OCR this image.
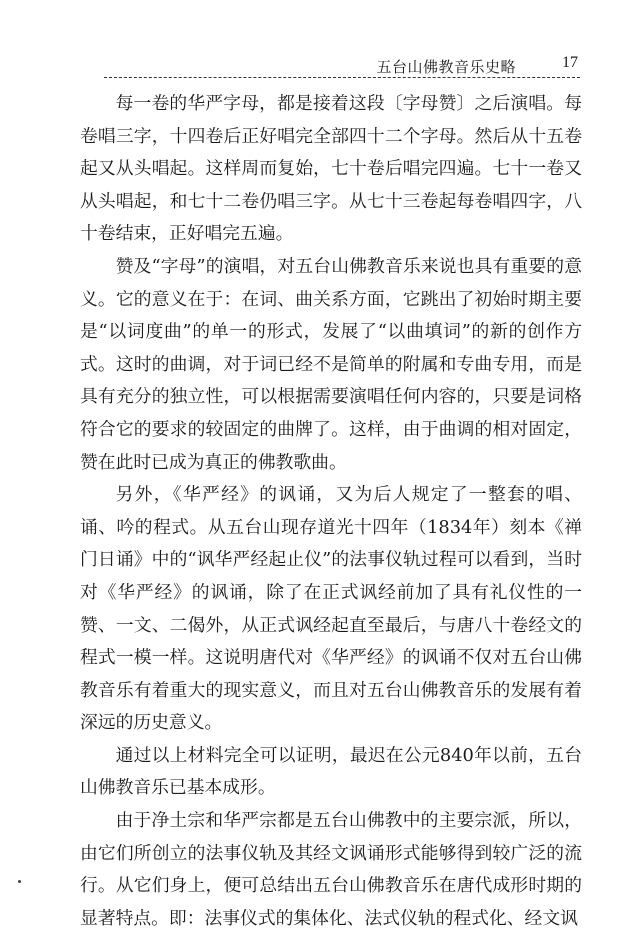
五台山佛教音乐史略	17

每一卷的华严字母，都是接着这段〔字母赞〕之后演唱。每卷唱三字，十四卷后正好唱完全部四十二个字母。然后从十五卷起又从头唱起。这样周而复始，七十卷后唱完四遍。七十一卷又从头唱起，和七十二卷仍唱三字。从七十三卷起每卷唱四字，八十卷结束，正好唱完五遍。

赞及“字母”的演唱，对五台山佛教音乐来说也具有重要的意义。它的意义在于：在词、曲关系方面，它跳出了初始时期主要是“以词度曲”的单一的形式，发展了“以曲填词”的新的创作方式。这时的曲调，对于词已经不是简单的附属和专曲专用，而是具有充分的独立性，可以根据需要演唱任何内容的，只要是词格符合它的要求的较固定的曲牌了。这样，由于曲调的相对固定，赞在此时已成为真正的佛教歌曲。

另外，《华严经》的讽诵，又为后人规定了一整套的唱、诵、吟的程式。从五台山现存道光十四年（1834年）刻本《禅门日诵》中的“讽华严经起止仪”的法事仪轨过程可以看到，当时对《华严经》的讽诵，除了在正式讽经前加了具有礼仪性的一赞、一文、二偈外，从正式讽经起直至最后，与唐八十卷经文的程式一模一样。这说明唐代对《华严经》的讽诵不仅对五台山佛教音乐有着重大的现实意义，而且对五台山佛教音乐的发展有着深远的历史意义。

通过以上材料完全可以证明，最迟在公元840年以前，五台山佛教音乐已基本成形。

由于净土宗和华严宗都是五台山佛教中的主要宗派，所以，由它们所创立的法事仪轨及其经文讽诵形式能够得到较广泛的流行。从它们身上，便可总结出五台山佛教音乐在唐代成形时期的显著特点。即：法事仪式的集体化、法式仪轨的程式化、经文讽
